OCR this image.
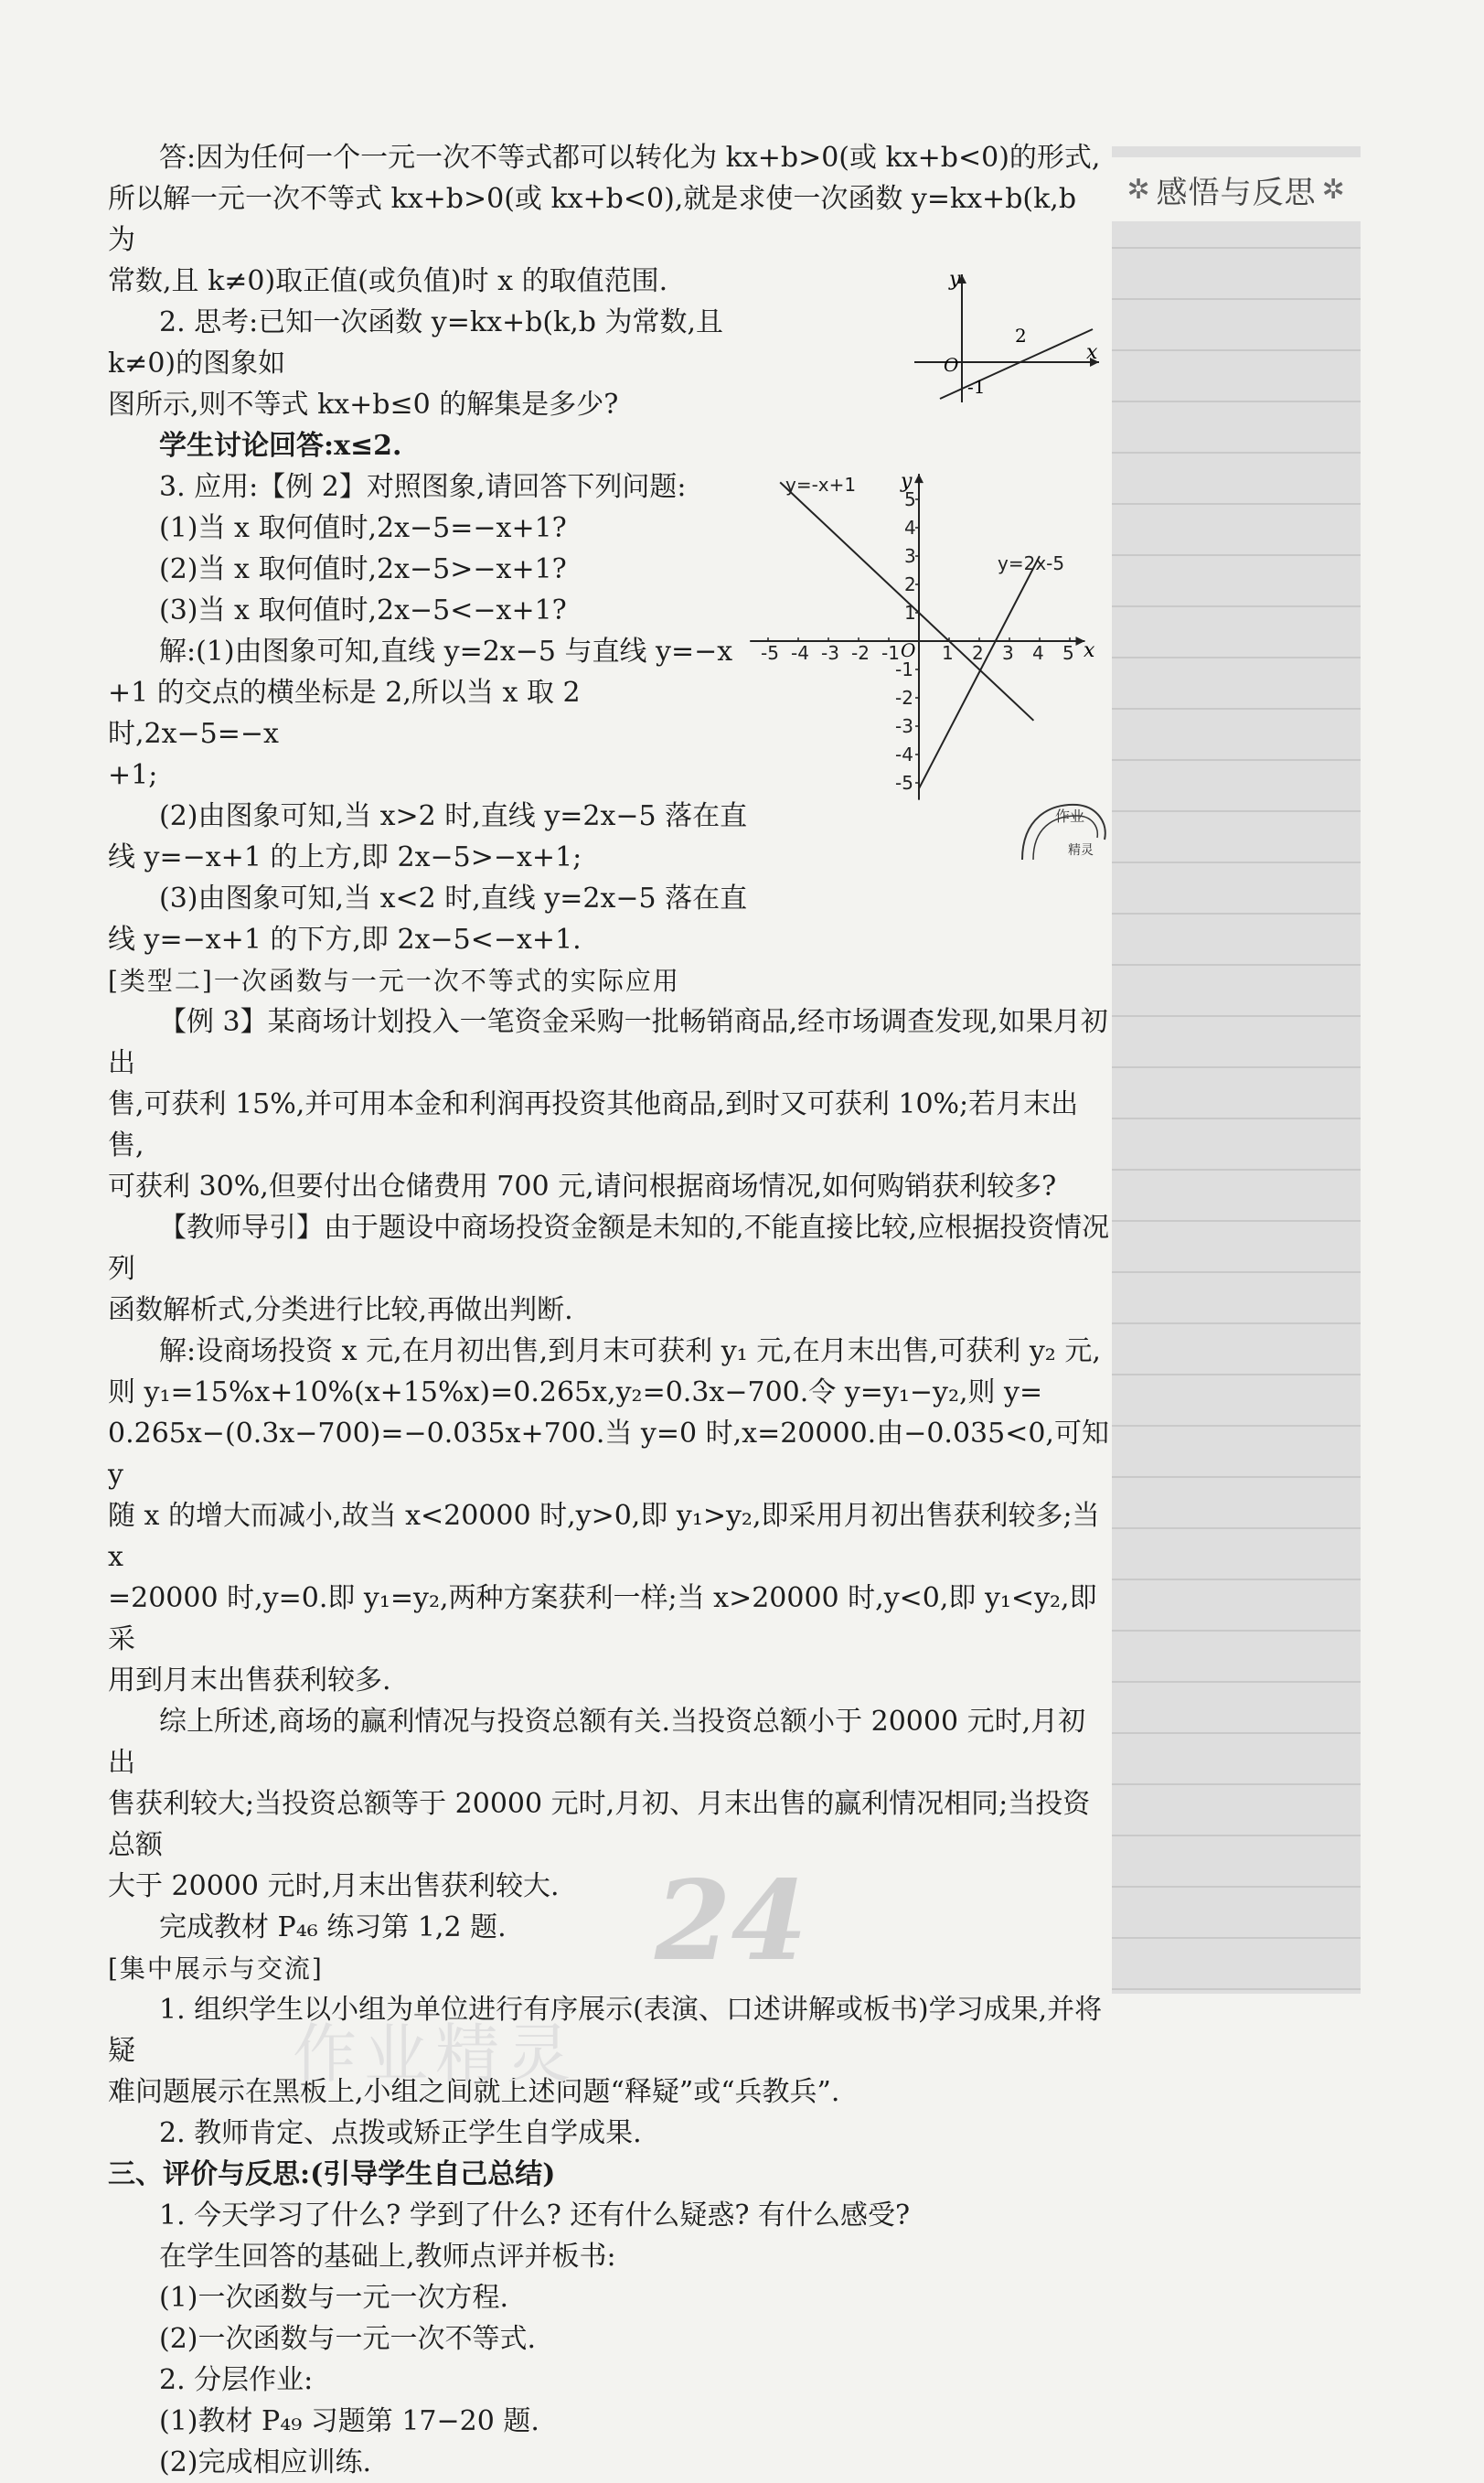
✲ 感悟与反思 ✲

答:因为任何一个一元一次不等式都可以转化为 kx+b>0(或 kx+b<0)的形式,

所以解一元一次不等式 kx+b>0(或 kx+b<0),就是求使一次函数 y=kx+b(k,b 为

常数,且 k≠0)取正值(或负值)时 x 的取值范围.

2. 思考:已知一次函数 y=kx+b(k,b 为常数,且 k≠0)的图象如

图所示,则不等式 kx+b≤0 的解集是多少?

学生讨论回答:x≤2.

3. 应用:【例 2】对照图象,请回答下列问题:

(1)当 x 取何值时,2x−5=−x+1?

(2)当 x 取何值时,2x−5>−x+1?

(3)当 x 取何值时,2x−5<−x+1?

解:(1)由图象可知,直线 y=2x−5 与直线 y=−x

+1 的交点的横坐标是 2,所以当 x 取 2 时,2x−5=−x

+1;

(2)由图象可知,当 x>2 时,直线 y=2x−5 落在直

线 y=−x+1 的上方,即 2x−5>−x+1;

(3)由图象可知,当 x<2 时,直线 y=2x−5 落在直

线 y=−x+1 的下方,即 2x−5<−x+1.

[类型二]一次函数与一元一次不等式的实际应用

【例 3】某商场计划投入一笔资金采购一批畅销商品,经市场调查发现,如果月初出

售,可获利 15%,并可用本金和利润再投资其他商品,到时又可获利 10%;若月末出售,

可获利 30%,但要付出仓储费用 700 元,请问根据商场情况,如何购销获利较多?

【教师导引】由于题设中商场投资金额是未知的,不能直接比较,应根据投资情况列

函数解析式,分类进行比较,再做出判断.

解:设商场投资 x 元,在月初出售,到月末可获利 y₁ 元,在月末出售,可获利 y₂ 元,

则 y₁=15%x+10%(x+15%x)=0.265x,y₂=0.3x−700.令 y=y₁−y₂,则 y=

0.265x−(0.3x−700)=−0.035x+700.当 y=0 时,x=20000.由−0.035<0,可知 y

随 x 的增大而减小,故当 x<20000 时,y>0,即 y₁>y₂,即采用月初出售获利较多;当 x

=20000 时,y=0.即 y₁=y₂,两种方案获利一样;当 x>20000 时,y<0,即 y₁<y₂,即采

用到月末出售获利较多.

综上所述,商场的赢利情况与投资总额有关.当投资总额小于 20000 元时,月初出

售获利较大;当投资总额等于 20000 元时,月初、月末出售的赢利情况相同;当投资总额

大于 20000 元时,月末出售获利较大.

完成教材 P₄₆ 练习第 1,2 题.

[集中展示与交流]

1. 组织学生以小组为单位进行有序展示(表演、口述讲解或板书)学习成果,并将疑

难问题展示在黑板上,小组之间就上述问题“释疑”或“兵教兵”.

2. 教师肯定、点拨或矫正学生自学成果.

三、评价与反思:(引导学生自己总结)

1. 今天学习了什么? 学到了什么? 还有什么疑惑? 有什么感受?

在学生回答的基础上,教师点评并板书:

(1)一次函数与一元一次方程.

(2)一次函数与一元一次不等式.

2. 分层作业:

(1)教材 P₄₉ 习题第 17−20 题.

(2)完成相应训练.

y
x
O
2
-1
-5 -4 -3 -2 -1 1 2 3 4 5
5
4
3
2
1
-1
-2
-3
-4
-5
y=-x+1
y=2x-5
y
x
O
作业
精灵
24
作业精灵
